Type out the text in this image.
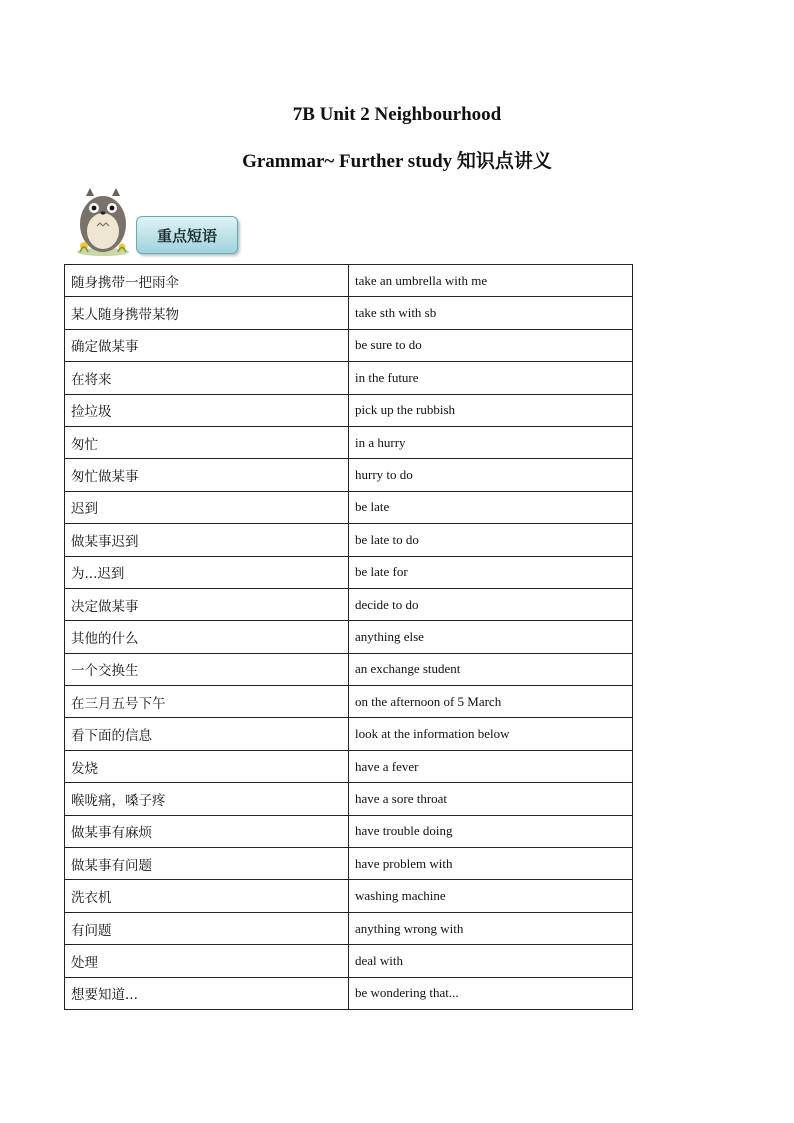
7B Unit 2 Neighbourhood
Grammar~ Further study 知识点讲义
重点短语
随身携带一把雨伞	take an umbrella with me
某人随身携带某物	take sth with sb
确定做某事	be sure to do
在将来	in the future
捡垃圾	pick up the rubbish
匆忙	in a hurry
匆忙做某事	hurry to do
迟到	be late
做某事迟到	be late to do
为...迟到	be late for
决定做某事	decide to do
其他的什么	anything else
一个交换生	an exchange student
在三月五号下午	on the afternoon of 5 March
看下面的信息	look at the information below
发烧	have a fever
喉咙痛，嗓子疼	have a sore throat
做某事有麻烦	have trouble doing
做某事有问题	have problem with
洗衣机	washing machine
有问题	anything wrong with
处理	deal with
想要知道...	be wondering that...
